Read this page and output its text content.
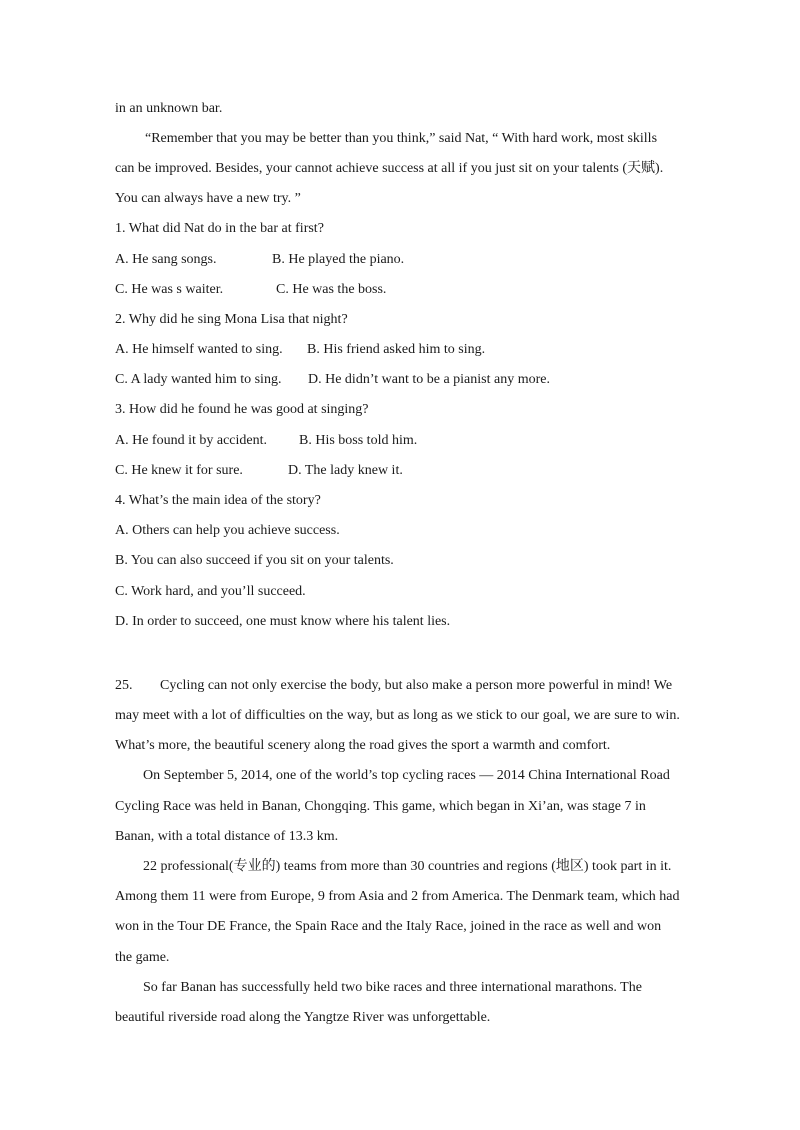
in an unknown bar.
“Remember that you may be better than you think,” said Nat, “ With hard work, most skills
can be improved. Besides, your cannot achieve success at all if you just sit on your talents (天赋).
You can always have a new try. ”
1. What did Nat do in the bar at first?
A. He sang songs.	B. He played the piano.
C. He was s waiter.	C. He was the boss.
2. Why did he sing Mona Lisa that night?
A. He himself wanted to sing. B. His friend asked him to sing.
C. A lady wanted him to sing. D. He didn’t want to be a pianist any more.
3. How did he found he was good at singing?
A. He found it by accident. B. His boss told him.
C. He knew it for sure.	D. The lady knew it.
4. What’s the main idea of the story?
A. Others can help you achieve success.
B. You can also succeed if you sit on your talents.
C. Work hard, and you’ll succeed.
D. In order to succeed, one must know where his talent lies.
25. Cycling can not only exercise the body, but also make a person more powerful in mind! We
may meet with a lot of difficulties on the way, but as long as we stick to our goal, we are sure to win.
What’s more, the beautiful scenery along the road gives the sport a warmth and comfort.
On September 5, 2014, one of the world’s top cycling races — 2014 China International Road
Cycling Race was held in Banan, Chongqing. This game, which began in Xi’an, was stage 7 in
Banan, with a total distance of 13.3 km.
22 professional(专业的) teams from more than 30 countries and regions (地区) took part in it.
Among them 11 were from Europe, 9 from Asia and 2 from America. The Denmark team, which had
won in the Tour DE France, the Spain Race and the Italy Race, joined in the race as well and won
the game.
So far Banan has successfully held two bike races and three international marathons. The
beautiful riverside road along the Yangtze River was unforgettable.
